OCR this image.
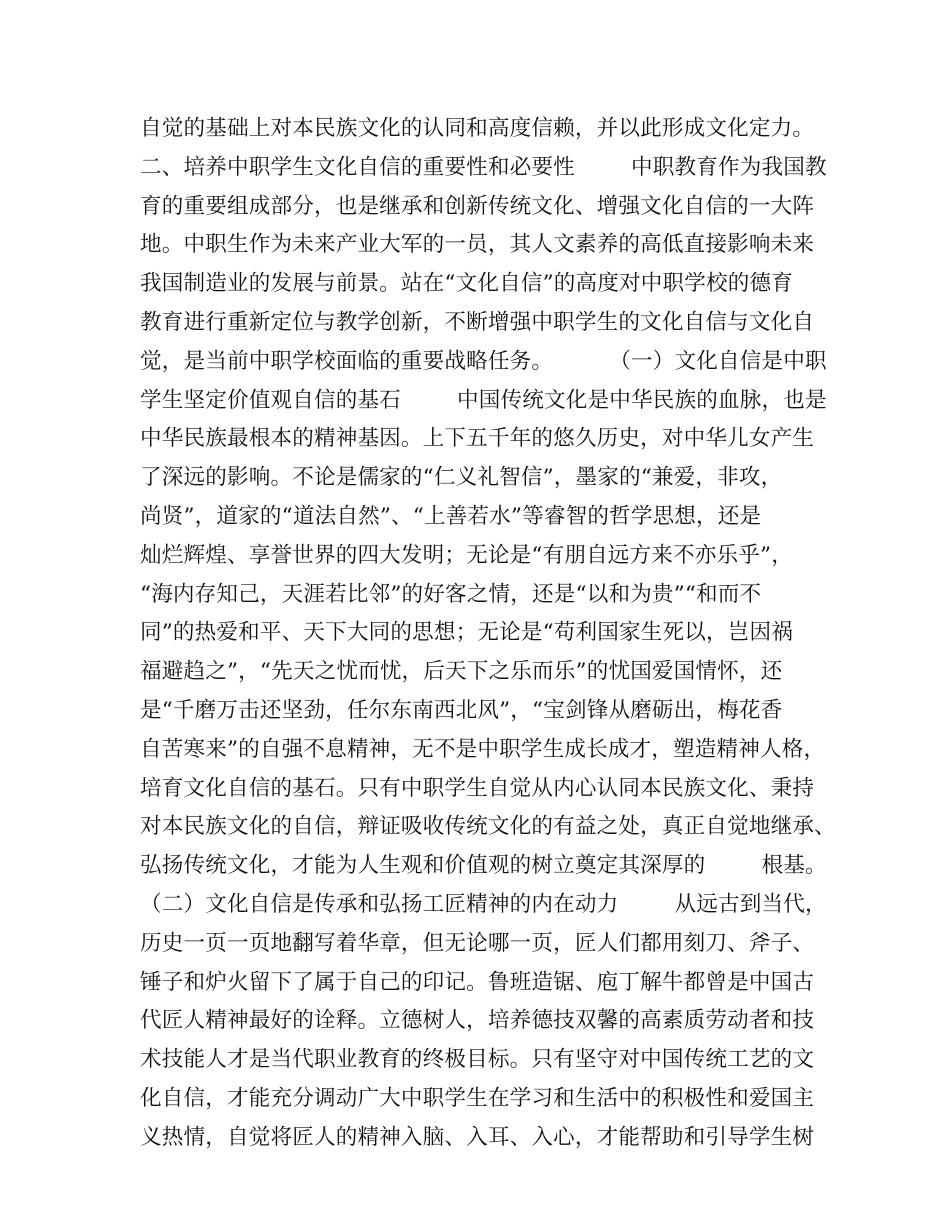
自觉的基础上对本民族文化的认同和高度信赖，并以此形成文化定力。
二、培养中职学生文化自信的重要性和必要性        中职教育作为我国教
育的重要组成部分，也是继承和创新传统文化、增强文化自信的一大阵
地。中职生作为未来产业大军的一员，其人文素养的高低直接影响未来
我国制造业的发展与前景。站在“文化自信”的高度对中职学校的德育
教育进行重新定位与教学创新，不断增强中职学生的文化自信与文化自
觉，是当前中职学校面临的重要战略任务。        （一）文化自信是中职
学生坚定价值观自信的基石        中国传统文化是中华民族的血脉，也是
中华民族最根本的精神基因。上下五千年的悠久历史，对中华儿女产生
了深远的影响。不论是儒家的“仁义礼智信”，墨家的“兼爱，非攻，
尚贤”，道家的“道法自然”、“上善若水”等睿智的哲学思想，还是
灿烂辉煌、享誉世界的四大发明；无论是“有朋自远方来不亦乐乎”，
“海内存知己，天涯若比邻”的好客之情，还是“以和为贵”“和而不
同”的热爱和平、天下大同的思想；无论是“苟利国家生死以，岂因祸
福避趋之”，“先天之忧而忧，后天下之乐而乐”的忧国爱国情怀，还
是“千磨万击还坚劲，任尔东南西北风”，“宝剑锋从磨砺出，梅花香
自苦寒来”的自强不息精神，无不是中职学生成长成才，塑造精神人格，
培育文化自信的基石。只有中职学生自觉从内心认同本民族文化、秉持
对本民族文化的自信，辩证吸收传统文化的有益之处，真正自觉地继承、
弘扬传统文化，才能为人生观和价值观的树立奠定其深厚的        根基。
（二）文化自信是传承和弘扬工匠精神的内在动力        从远古到当代，
历史一页一页地翻写着华章，但无论哪一页，匠人们都用刻刀、斧子、
锤子和炉火留下了属于自己的印记。鲁班造锯、庖丁解牛都曾是中国古
代匠人精神最好的诠释。立德树人，培养德技双馨的高素质劳动者和技
术技能人才是当代职业教育的终极目标。只有坚守对中国传统工艺的文
化自信，才能充分调动广大中职学生在学习和生活中的积极性和爱国主
义热情，自觉将匠人的精神入脑、入耳、入心，才能帮助和引导学生树
